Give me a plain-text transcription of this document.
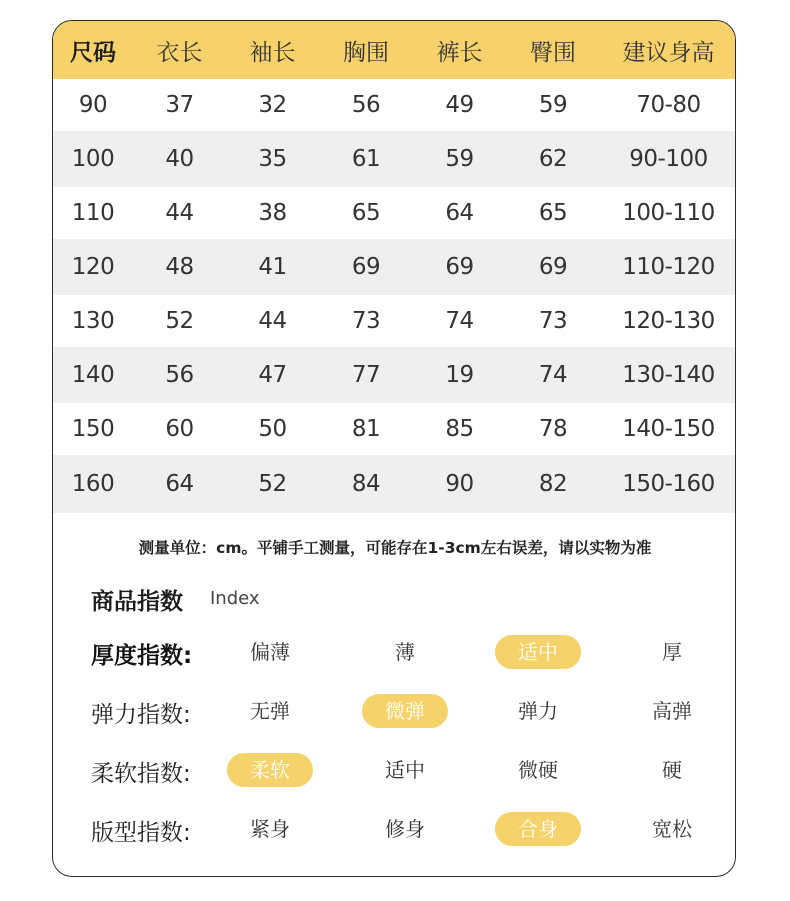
尺码	衣长	袖长	胸围	裤长	臀围	建议身高
90	37	32	56	49	59	70-80
100	40	35	61	59	62	90-100
110	44	38	65	64	65	100-110
120	48	41	69	69	69	110-120
130	52	44	73	74	73	120-130
140	56	47	77	19	74	130-140
150	60	50	81	85	78	140-150
160	64	52	84	90	82	150-160
测量单位：cm。平铺手工测量，可能存在1-3cm左右误差，请以实物为准
商品指数 Index
厚度指数:	偏薄	薄	适中	厚
弹力指数:	无弹	微弹	弹力	高弹
柔软指数:	柔软	适中	微硬	硬
版型指数:	紧身	修身	合身	宽松
